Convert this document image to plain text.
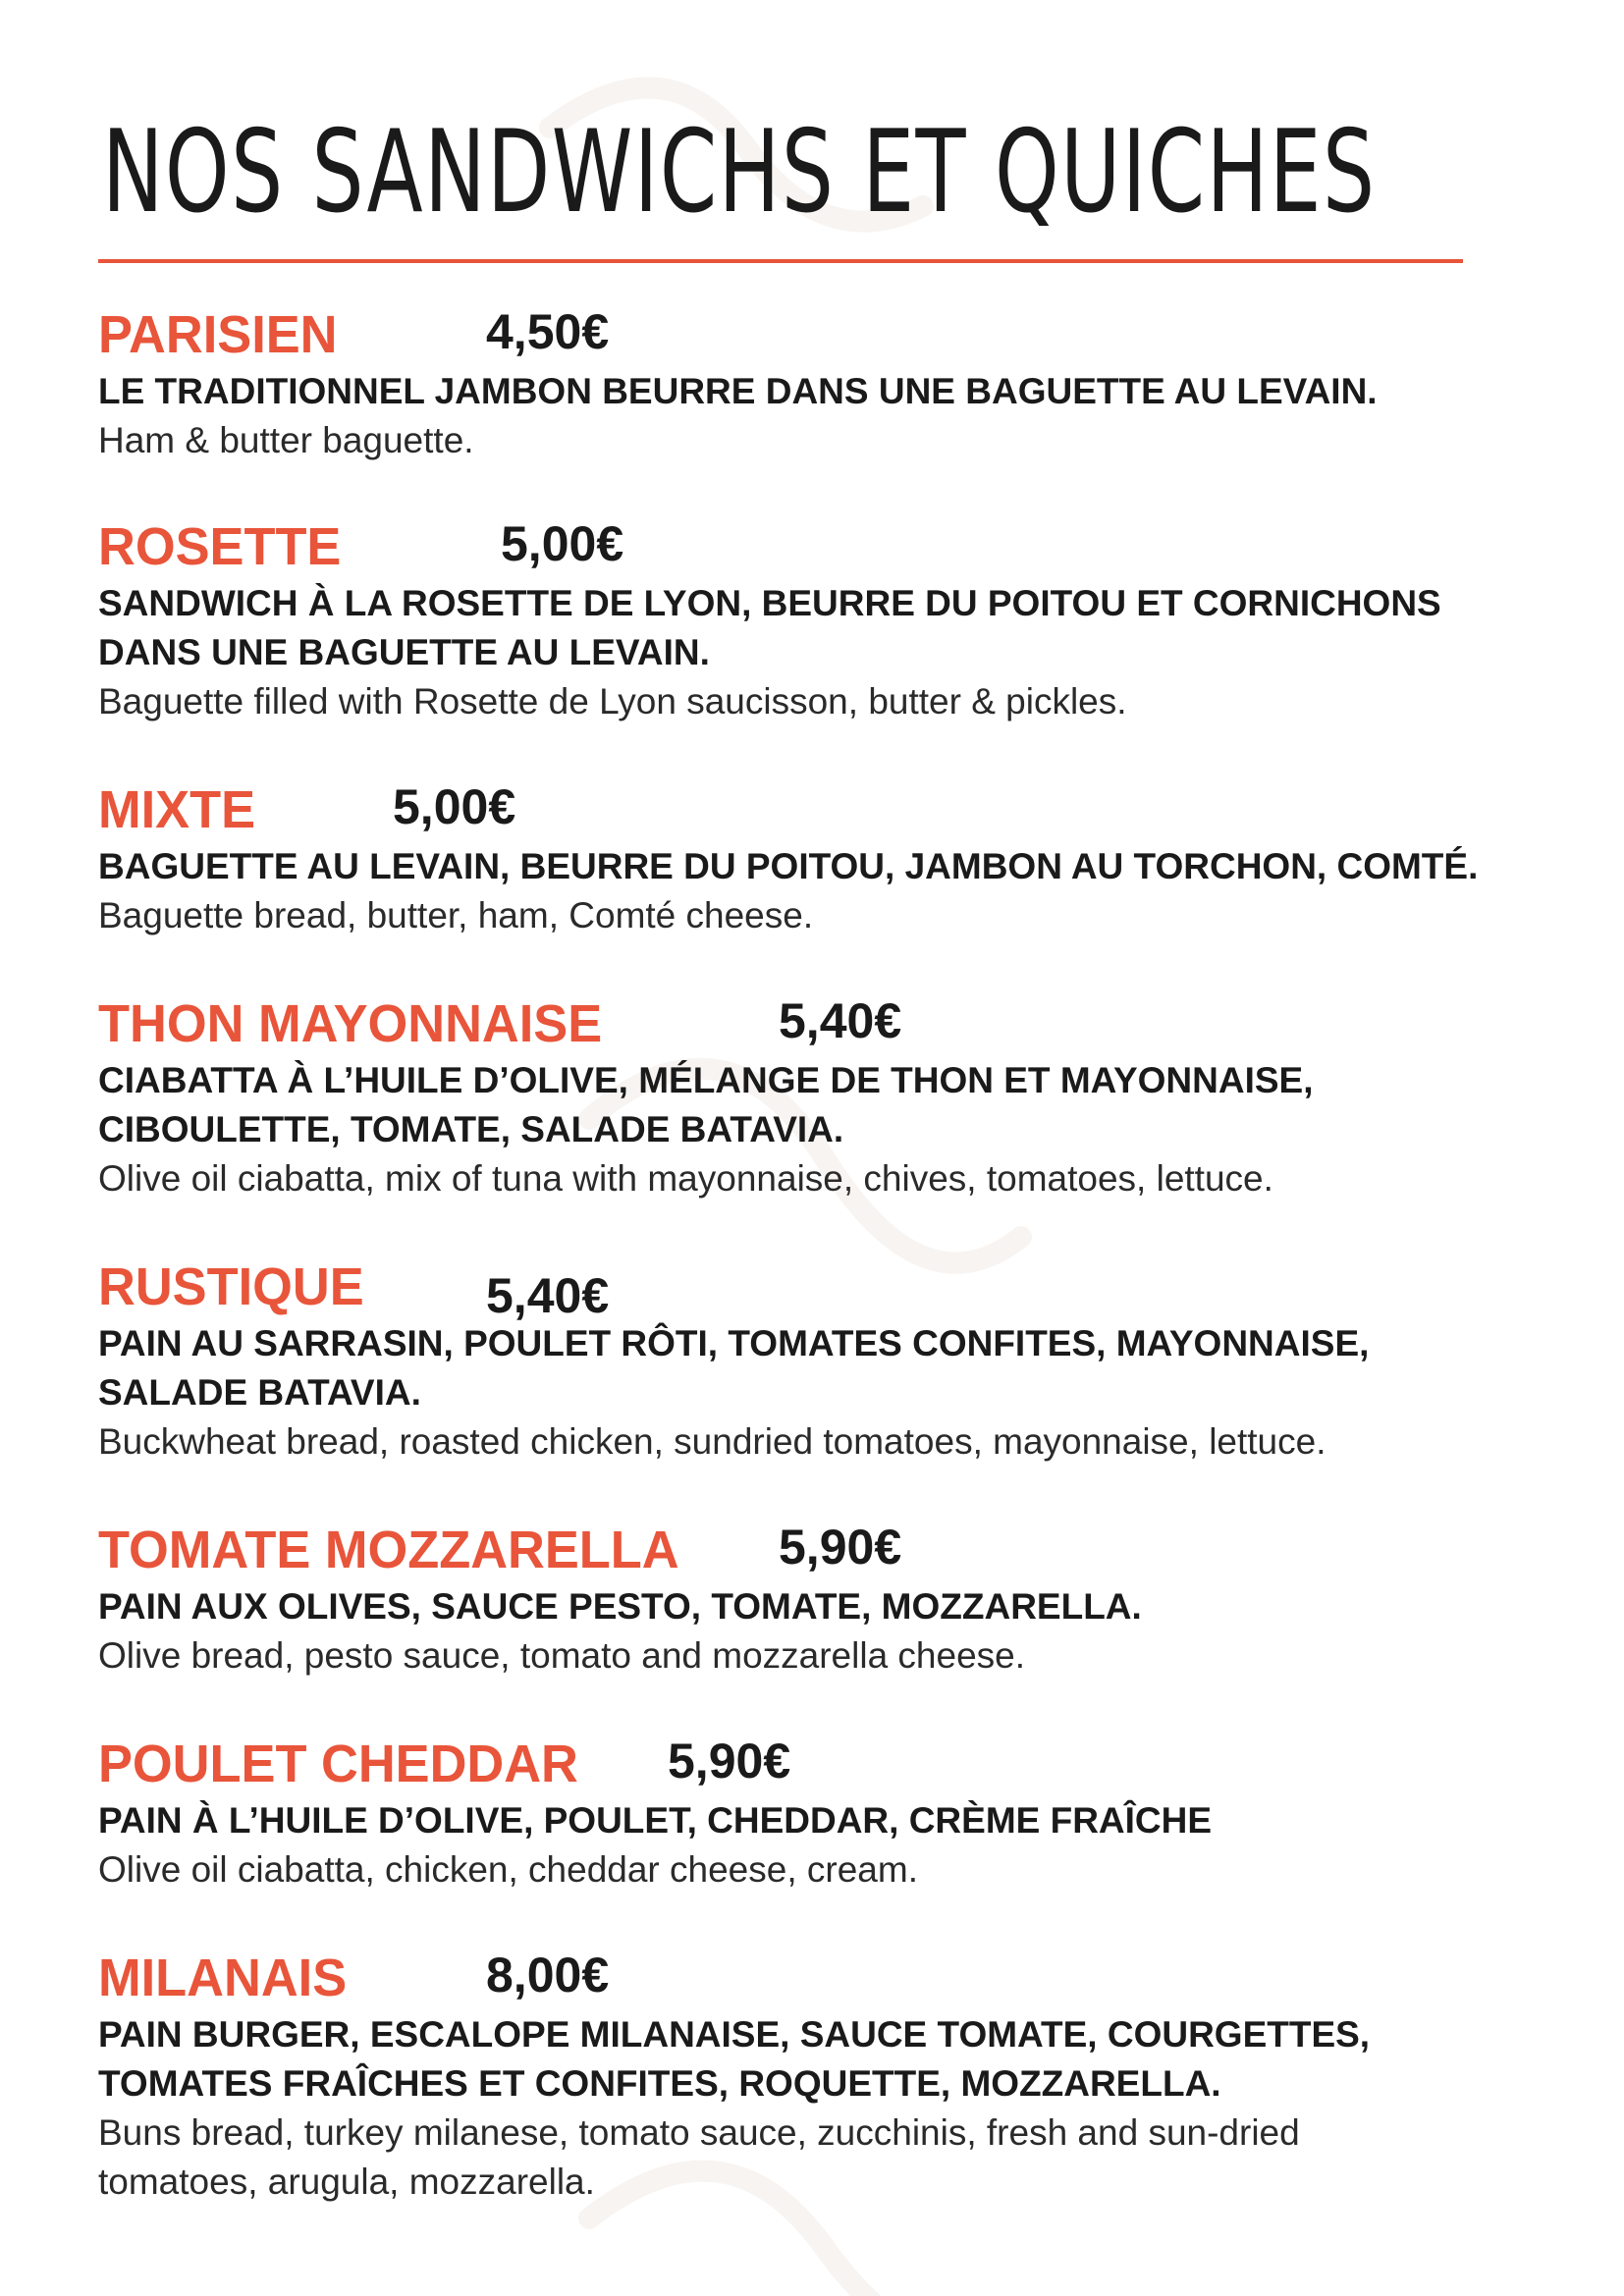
NOS SANDWICHS ET QUICHES
PARISIEN	4,50€

LE TRADITIONNEL JAMBON BEURRE DANS UNE BAGUETTE AU LEVAIN.

Ham & butter baguette.

ROSETTE	5,00€

SANDWICH À LA ROSETTE DE LYON, BEURRE DU POITOU ET CORNICHONS
DANS UNE BAGUETTE AU LEVAIN.

Baguette filled with Rosette de Lyon saucisson, butter & pickles.

MIXTE	5,00€

BAGUETTE AU LEVAIN, BEURRE DU POITOU, JAMBON AU TORCHON, COMTÉ.

Baguette bread, butter, ham, Comté cheese.

THON MAYONNAISE	5,40€

CIABATTA À L’HUILE D’OLIVE, MÉLANGE DE THON ET MAYONNAISE,
CIBOULETTE, TOMATE, SALADE BATAVIA.

Olive oil ciabatta, mix of tuna with mayonnaise, chives, tomatoes, lettuce.

RUSTIQUE 5,40€

PAIN AU SARRASIN, POULET RÔTI, TOMATES CONFITES, MAYONNAISE,
SALADE BATAVIA.

Buckwheat bread, roasted chicken, sundried tomatoes, mayonnaise, lettuce.

TOMATE MOZZARELLA 5,90€

PAIN AUX OLIVES, SAUCE PESTO, TOMATE, MOZZARELLA.

Olive bread, pesto sauce, tomato and mozzarella cheese.

POULET CHEDDAR 5,90€

PAIN À L’HUILE D’OLIVE, POULET, CHEDDAR, CRÈME FRAÎCHE

Olive oil ciabatta, chicken, cheddar cheese, cream.

MILANAIS	8,00€

PAIN BURGER, ESCALOPE MILANAISE, SAUCE TOMATE, COURGETTES,
TOMATES FRAÎCHES ET CONFITES, ROQUETTE, MOZZARELLA.

Buns bread, turkey milanese, tomato sauce, zucchinis, fresh and sun-dried
tomatoes, arugula, mozzarella.
